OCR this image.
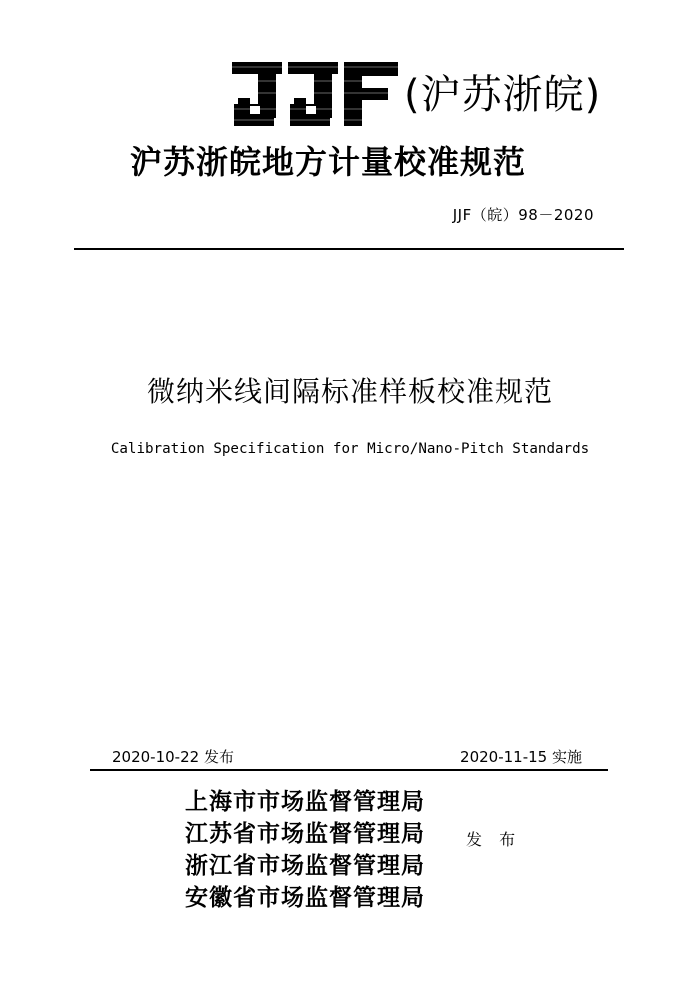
(沪苏浙皖)
沪苏浙皖地方计量校准规范
JJF（皖）98－2020
微纳米线间隔标准样板校准规范
Calibration Specification for Micro/Nano-Pitch Standards
2020-10-22 发布	2020-11-15 实施
上海市市场监督管理局
江苏省市场监督管理局
浙江省市场监督管理局
安徽省市场监督管理局
发 布
